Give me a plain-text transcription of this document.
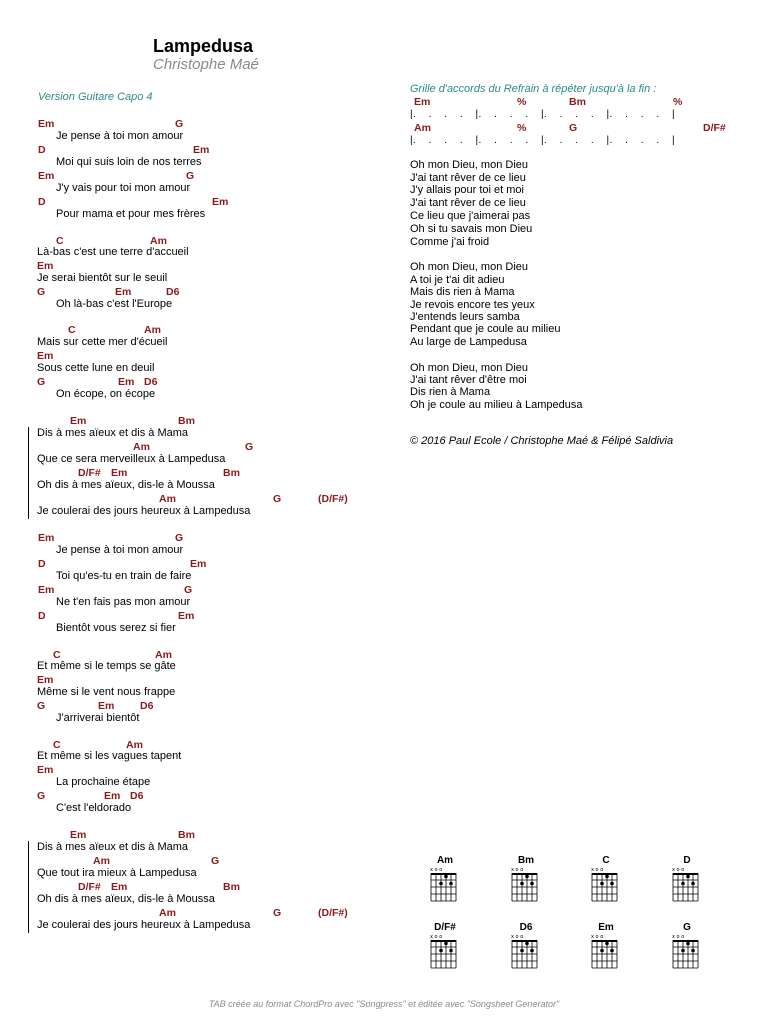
Lampedusa
Christophe Maé
Version Guitare Capo 4
Em	G
Je pense à toi mon amour
D	Em
Moi qui suis loin de nos terres
Em	G
J'y vais pour toi mon amour
D	Em
Pour mama et pour mes frères
C	Am
Là-bas c'est une terre d'accueil
Em
Je serai bientôt sur le seuil
G	Em	D6
Oh là-bas c'est l'Europe
C	Am
Mais sur cette mer d'écueil
Em
Sous cette lune en deuil
G	Em D6
On écope, on écope
Em	Bm
Dis à mes aïeux et dis à Mama
Am	G
Que ce sera merveilleux à Lampedusa
D/F# Em	Bm
Oh dis à mes aïeux, dis-le à Moussa
Am	G	(D/F#)
Je coulerai des jours heureux à Lampedusa
Em	G
Je pense à toi mon amour
D	Em
Toi qu'es-tu en train de faire
Em	G
Ne t'en fais pas mon amour
D	Em
Bientôt vous serez si fier
C	Am
Et même si le temps se gâte
Em
Même si le vent nous frappe
G	Em D6
J'arriverai bientôt
C	Am
Et même si les vagues tapent
Em
La prochaine étape
G	Em D6
C'est l'eldorado
Em	Bm
Dis à mes aïeux et dis à Mama
Am	G
Que tout ira mieux à Lampedusa
D/F# Em	Bm
Oh dis à mes aïeux, dis-le à Moussa
Am	G	(D/F#)
Je coulerai des jours heureux à Lampedusa
Grille d'accords du Refrain à répéter jusqu'à la fin :
Em	%	Bm	%
|.    .    .    .    |.    .    .    .    |.    .    .    .    |.    .    .    .    |
Am	%	G	D/F#
|.    .    .    .    |.    .    .    .    |.    .    .    .    |.    .    .    .    |
Oh mon Dieu, mon Dieu
J'ai tant rêver de ce lieu
J'y allais pour toi et moi
J'ai tant rêver de ce lieu
Ce lieu que j'aimerai pas
Oh si tu savais mon Dieu
Comme j'ai froid
Oh mon Dieu, mon Dieu
A toi je t'ai dit adieu
Mais dis rien à Mama
Je revois encore tes yeux
J'entends leurs samba
Pendant que je coule au milieu
Au large de Lampedusa
Oh mon Dieu, mon Dieu
J'ai tant rêver d'être moi
Dis rien à Mama
Oh je coule au milieu à Lampedusa
© 2016 Paul Ecole / Christophe Maé & Félipé Saldivia
Am
x o o
Bm
x o o
C
x o o
D
x o o
D/F#
x o o
D6
x o o
Em
x o o
G
x o o
TAB créée au format ChordPro avec "Songpress" et éditée avec "Songsheet Generator"
